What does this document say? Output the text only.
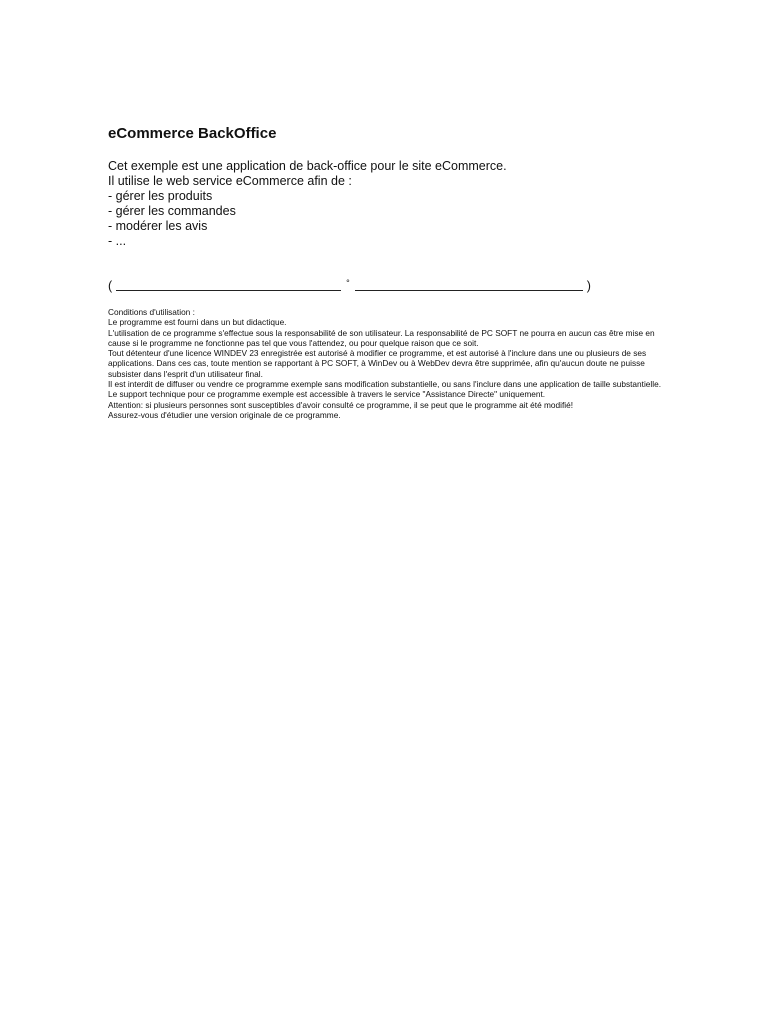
eCommerce BackOffice
Cet exemple est une application de back-office pour le site eCommerce.
Il utilise le web service eCommerce afin de :
- gérer les produits
- gérer les commandes
- modérer les avis
- ...
(	°	)

Conditions d'utilisation :

Le programme est fourni dans un but didactique.

L'utilisation de ce programme s'effectue sous la responsabilité de son utilisateur. La responsabilité de PC SOFT ne pourra en aucun cas être mise en cause si le programme ne fonctionne pas tel que vous l'attendez, ou pour quelque raison que ce soit.

Tout détenteur d'une licence WINDEV 23 enregistrée est autorisé à modifier ce programme, et est autorisé à l'inclure dans une ou plusieurs de ses applications. Dans ces cas, toute mention se rapportant à PC SOFT, à WinDev ou à WebDev devra être supprimée, afin qu'aucun doute ne puisse subsister dans l'esprit d'un utilisateur final.

Il est interdit de diffuser ou vendre ce programme exemple sans modification substantielle, ou sans l'inclure dans une application de taille substantielle.

Le support technique pour ce programme exemple est accessible à travers le service "Assistance Directe" uniquement.

Attention: si plusieurs personnes sont susceptibles d'avoir consulté ce programme, il se peut que le programme ait été modifié!

Assurez-vous d'étudier une version originale de ce programme.
